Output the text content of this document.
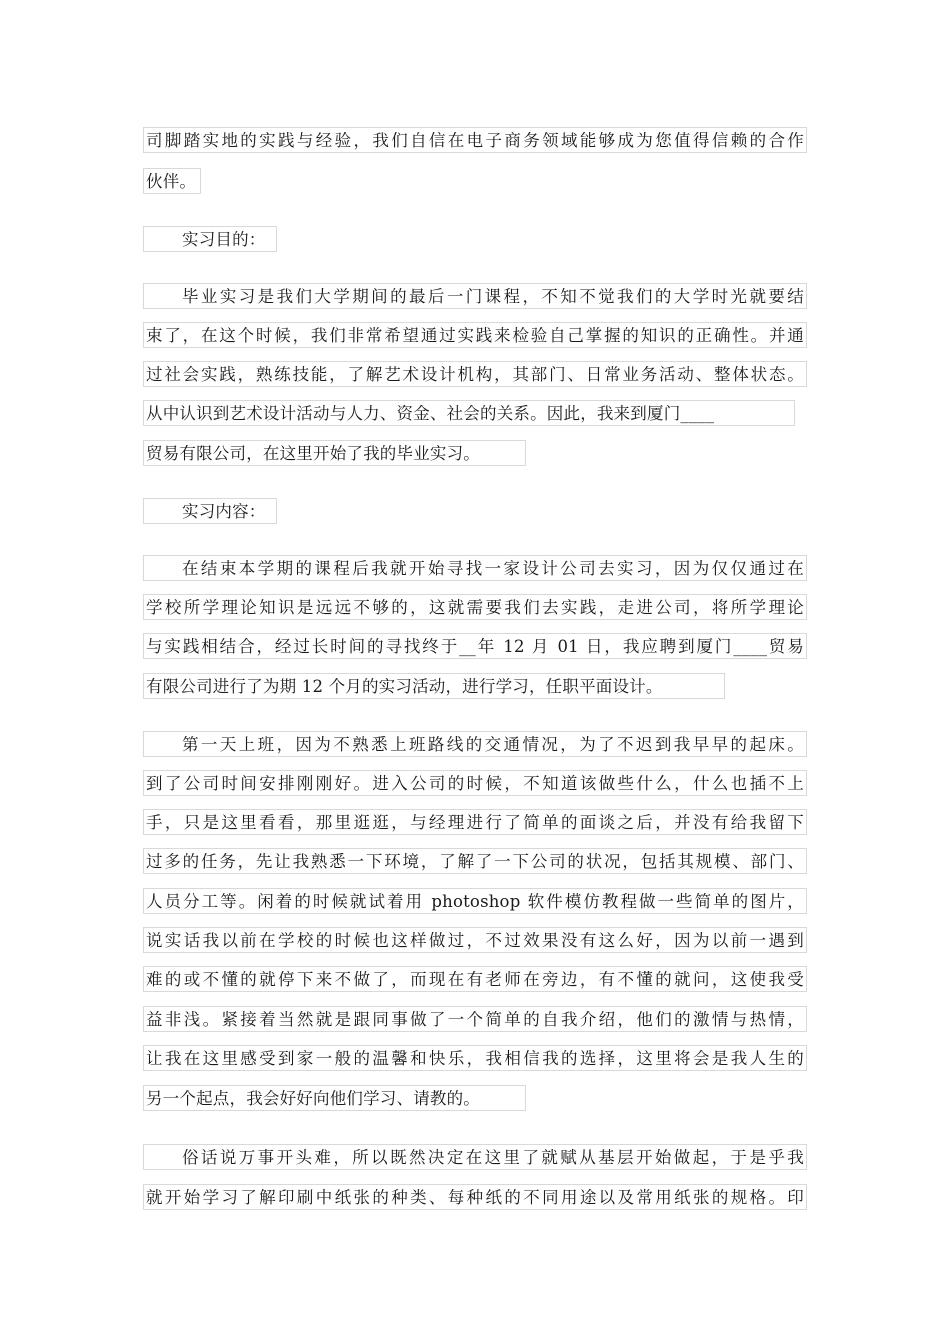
司脚踏实地的实践与经验，我们自信在电子商务领域能够成为您值得信赖的合作
伙伴。
实习目的：
毕业实习是我们大学期间的最后一门课程，不知不觉我们的大学时光就要结
束了，在这个时候，我们非常希望通过实践来检验自己掌握的知识的正确性。并通
过社会实践，熟练技能，了解艺术设计机构，其部门、日常业务活动、整体状态。
从中认识到艺术设计活动与人力、资金、社会的关系。因此，我来到厦门____
贸易有限公司，在这里开始了我的毕业实习。
实习内容：
在结束本学期的课程后我就开始寻找一家设计公司去实习，因为仅仅通过在
学校所学理论知识是远远不够的，这就需要我们去实践，走进公司，将所学理论
与实践相结合，经过长时间的寻找终于__年 12 月 01 日，我应聘到厦门____贸易
有限公司进行了为期 12 个月的实习活动，进行学习，任职平面设计。
第一天上班，因为不熟悉上班路线的交通情况，为了不迟到我早早的起床。
到了公司时间安排刚刚好。进入公司的时候，不知道该做些什么，什么也插不上
手，只是这里看看，那里逛逛，与经理进行了简单的面谈之后，并没有给我留下
过多的任务，先让我熟悉一下环境，了解了一下公司的状况，包括其规模、部门、
人员分工等。闲着的时候就试着用 photoshop 软件模仿教程做一些简单的图片，
说实话我以前在学校的时候也这样做过，不过效果没有这么好，因为以前一遇到
难的或不懂的就停下来不做了，而现在有老师在旁边，有不懂的就问，这使我受
益非浅。紧接着当然就是跟同事做了一个简单的自我介绍，他们的激情与热情，
让我在这里感受到家一般的温馨和快乐，我相信我的选择，这里将会是我人生的
另一个起点，我会好好向他们学习、请教的。
俗话说万事开头难，所以既然决定在这里了就赋从基层开始做起，于是乎我
就开始学习了解印刷中纸张的种类、每种纸的不同用途以及常用纸张的规格。印
